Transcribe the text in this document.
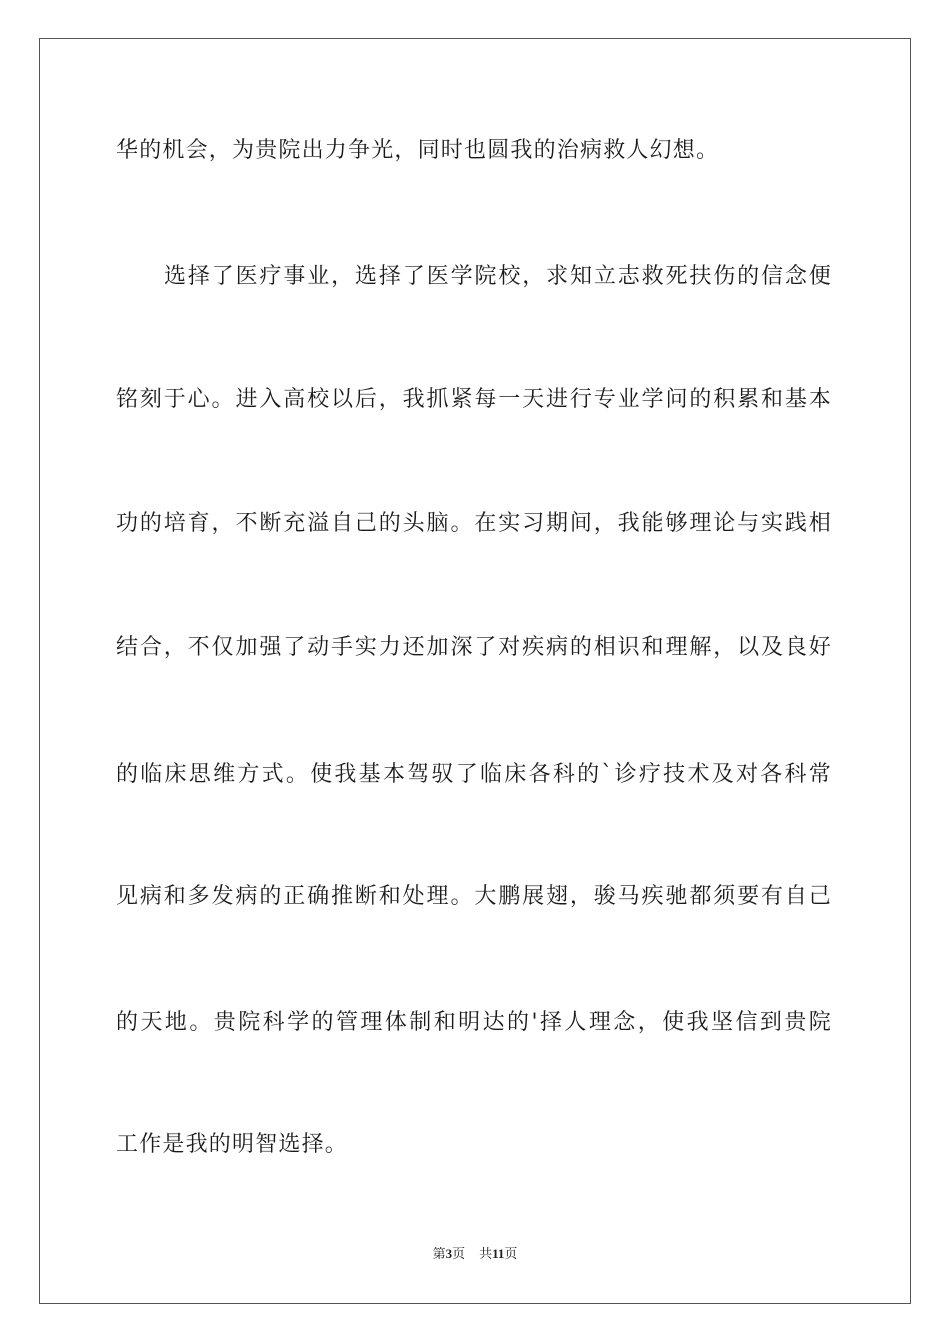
华的机会，为贵院出力争光，同时也圆我的治病救人幻想。
选择了医疗事业，选择了医学院校，求知立志救死扶伤的信念便
铭刻于心。进入高校以后，我抓紧每一天进行专业学问的积累和基本
功的培育，不断充溢自己的头脑。在实习期间，我能够理论与实践相
结合，不仅加强了动手实力还加深了对疾病的相识和理解，以及良好
的临床思维方式。使我基本驾驭了临床各科的`诊疗技术及对各科常
见病和多发病的正确推断和处理。大鹏展翅，骏马疾驰都须要有自己
的天地。贵院科学的管理体制和明达的'择人理念，使我坚信到贵院
工作是我的明智选择。
第3页 共11页
